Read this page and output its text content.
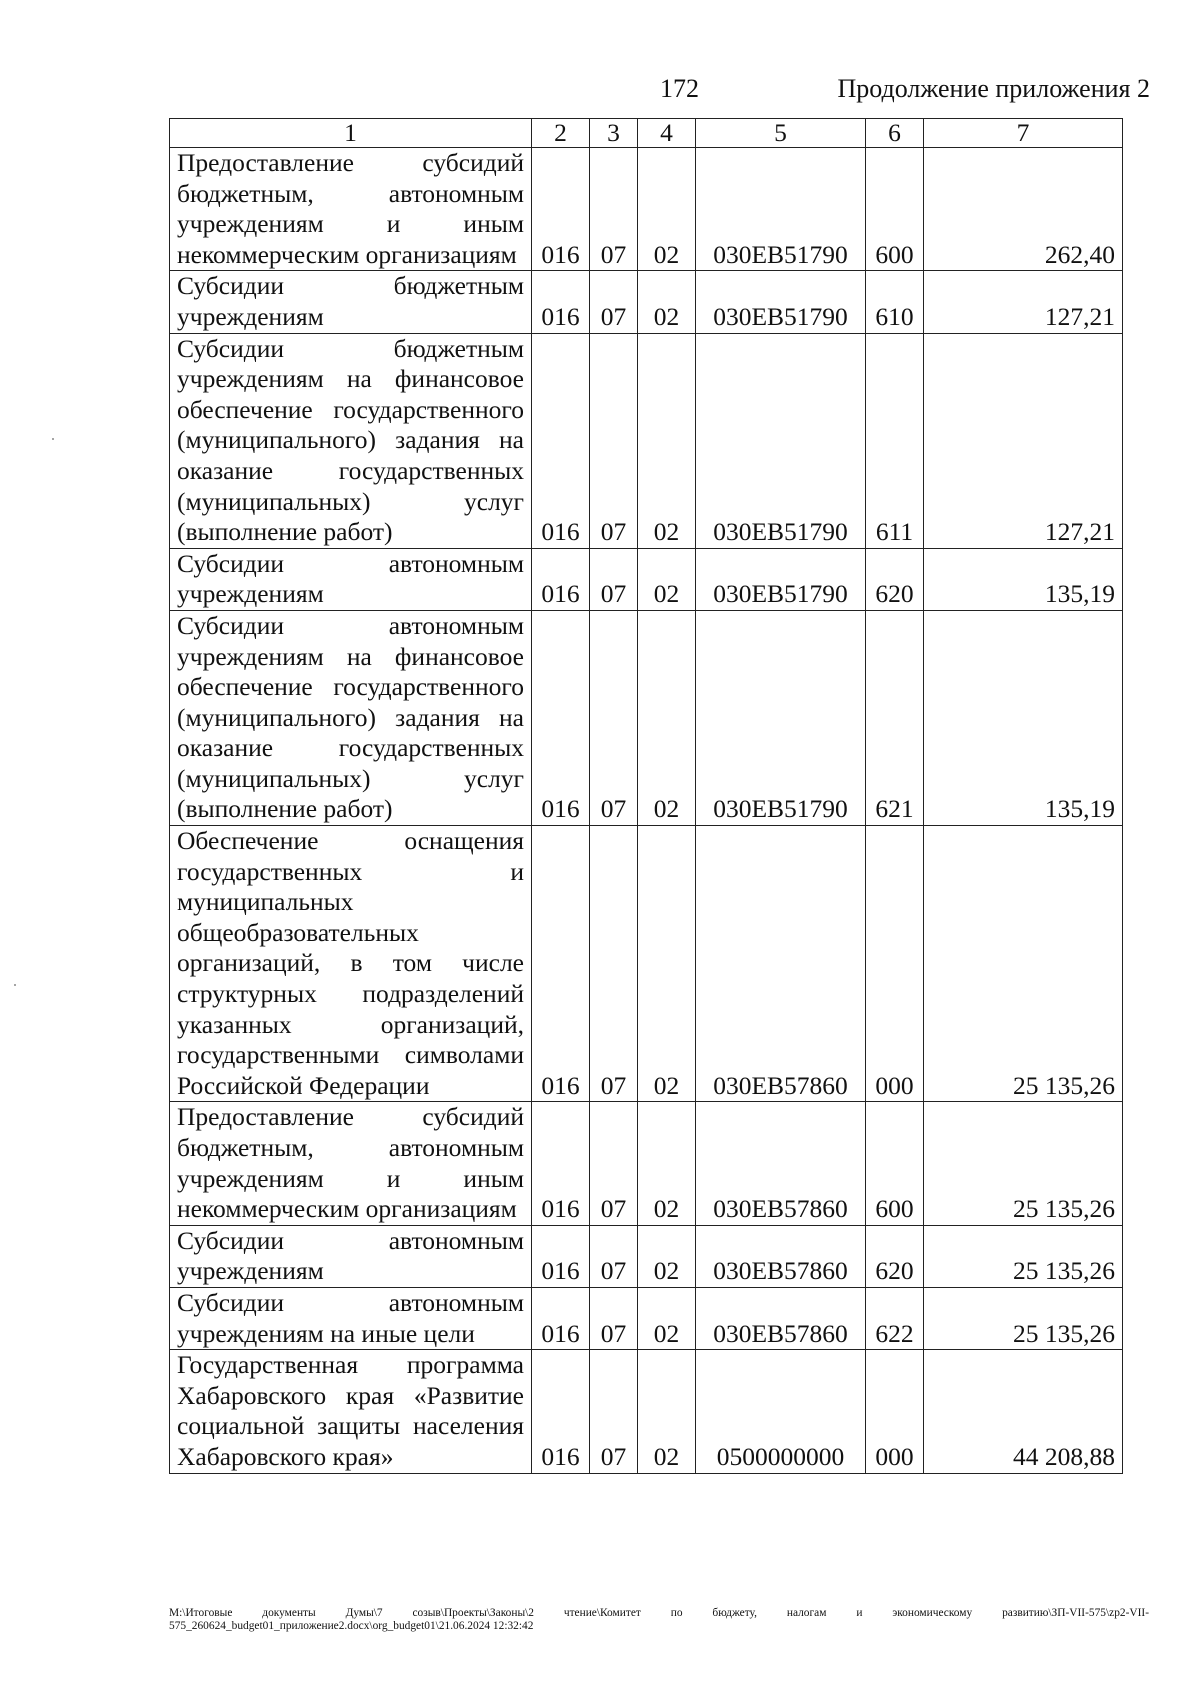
172	Продолжение приложения 2
1	2	3	4	5	6	7
Предоставление субсидий бюджетным, автономным учреждениям и иным некоммерческим организациям	016	07	02	030EB51790	600	262,40
Субсидии бюджетным учреждениям	016	07	02	030EB51790	610	127,21
Субсидии бюджетным учреждениям на финансовое обеспечение государственного (муниципального) задания на оказание государственных (муниципальных) услуг (выполнение работ)	016	07	02	030EB51790	611	127,21
Субсидии автономным учреждениям	016	07	02	030EB51790	620	135,19
Субсидии автономным учреждениям на финансовое обеспечение государственного (муниципального) задания на оказание государственных (муниципальных) услуг (выполнение работ)	016	07	02	030EB51790	621	135,19
Обеспечение оснащения государственных и муниципальных общеобразовательных организаций, в том числе структурных подразделений указанных организаций, государственными символами Российской Федерации	016	07	02	030EB57860	000	25 135,26
Предоставление субсидий бюджетным, автономным учреждениям и иным некоммерческим организациям	016	07	02	030EB57860	600	25 135,26
Субсидии автономным учреждениям	016	07	02	030EB57860	620	25 135,26
Субсидии автономным учреждениям на иные цели	016	07	02	030EB57860	622	25 135,26
Государственная программа Хабаровского края «Развитие социальной защиты населения Хабаровского края»	016	07	02	0500000000	000	44 208,88
M:\Итоговые документы Думы\7 созыв\Проекты\Законы\2 чтение\Комитет по бюджету, налогам и экономическому развитию\ЗП-VII-575\zp2-VII-575_260624_budget01_приложение2.docx\org_budget01\21.06.2024 12:32:42
